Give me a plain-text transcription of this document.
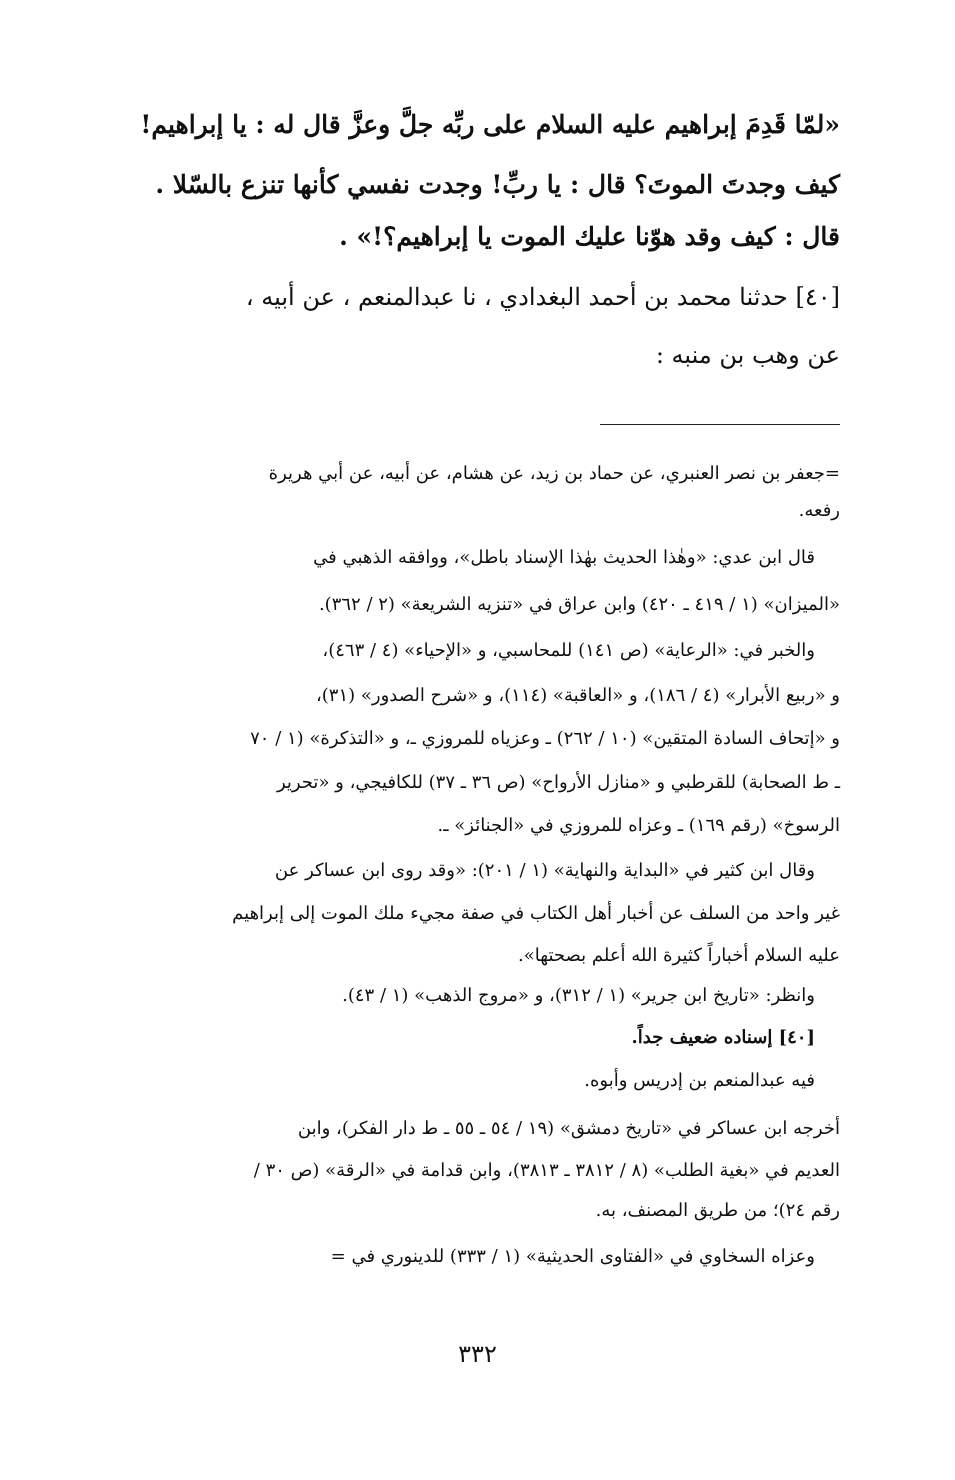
«لمّا قَدِمَ إبراهيم عليه السلام على ربِّه جلَّ وعزَّ قال له : يا إبراهيم!
كيف وجدتَ الموتَ؟ قال : يا ربِّ! وجدت نفسي كأنها تنزع بالسّلا .
قال : كيف وقد هوّنا عليك الموت يا إبراهيم؟!» .
[٤٠] حدثنا محمد بن أحمد البغدادي ، نا عبدالمنعم ، عن أبيه ،
عن وهب بن منبه :
=جعفر بن نصر العنبري، عن حماد بن زيد، عن هشام، عن أبيه، عن أبي هريرة
رفعه.
قال ابن عدي: «وهٰذا الحديث بهٰذا الإسناد باطل»، ووافقه الذهبي في
«الميزان» (١ / ٤١٩ ـ ٤٢٠) وابن عراق في «تنزيه الشريعة» (٢ / ٣٦٢).
والخبر في: «الرعاية» (ص ١٤١) للمحاسبي، و «الإحياء» (٤ / ٤٦٣)،
و «ربيع الأبرار» (٤ / ١٨٦)، و «العاقبة» (١١٤)، و «شرح الصدور» (٣١)،
و «إتحاف السادة المتقين» (١٠ / ٢٦٢) ـ وعزياه للمروزي ـ، و «التذكرة» (١ / ٧٠
ـ ط الصحابة) للقرطبي و «منازل الأرواح» (ص ٣٦ ـ ٣٧) للكافيجي، و «تحرير
الرسوخ» (رقم ١٦٩) ـ وعزاه للمروزي في «الجنائز» ـ.
وقال ابن كثير في «البداية والنهاية» (١ / ٢٠١): «وقد روى ابن عساكر عن
غير واحد من السلف عن أخبار أهل الكتاب في صفة مجيء ملك الموت إلى إبراهيم
عليه السلام أخباراً كثيرة الله أعلم بصحتها».
وانظر: «تاريخ ابن جرير» (١ / ٣١٢)، و «مروج الذهب» (١ / ٤٣).
[٤٠] إسناده ضعيف جداً.
فيه عبدالمنعم بن إدريس وأبوه.
أخرجه ابن عساكر في «تاريخ دمشق» (١٩ / ٥٤ ـ ٥٥ ـ ط دار الفكر)، وابن
العديم في «بغية الطلب» (٨ / ٣٨١٢ ـ ٣٨١٣)، وابن قدامة في «الرقة» (ص ٣٠ /
رقم ٢٤)؛ من طريق المصنف، به.
وعزاه السخاوي في «الفتاوى الحديثية» (١ / ٣٣٣) للدينوري في =
٣٣٢
